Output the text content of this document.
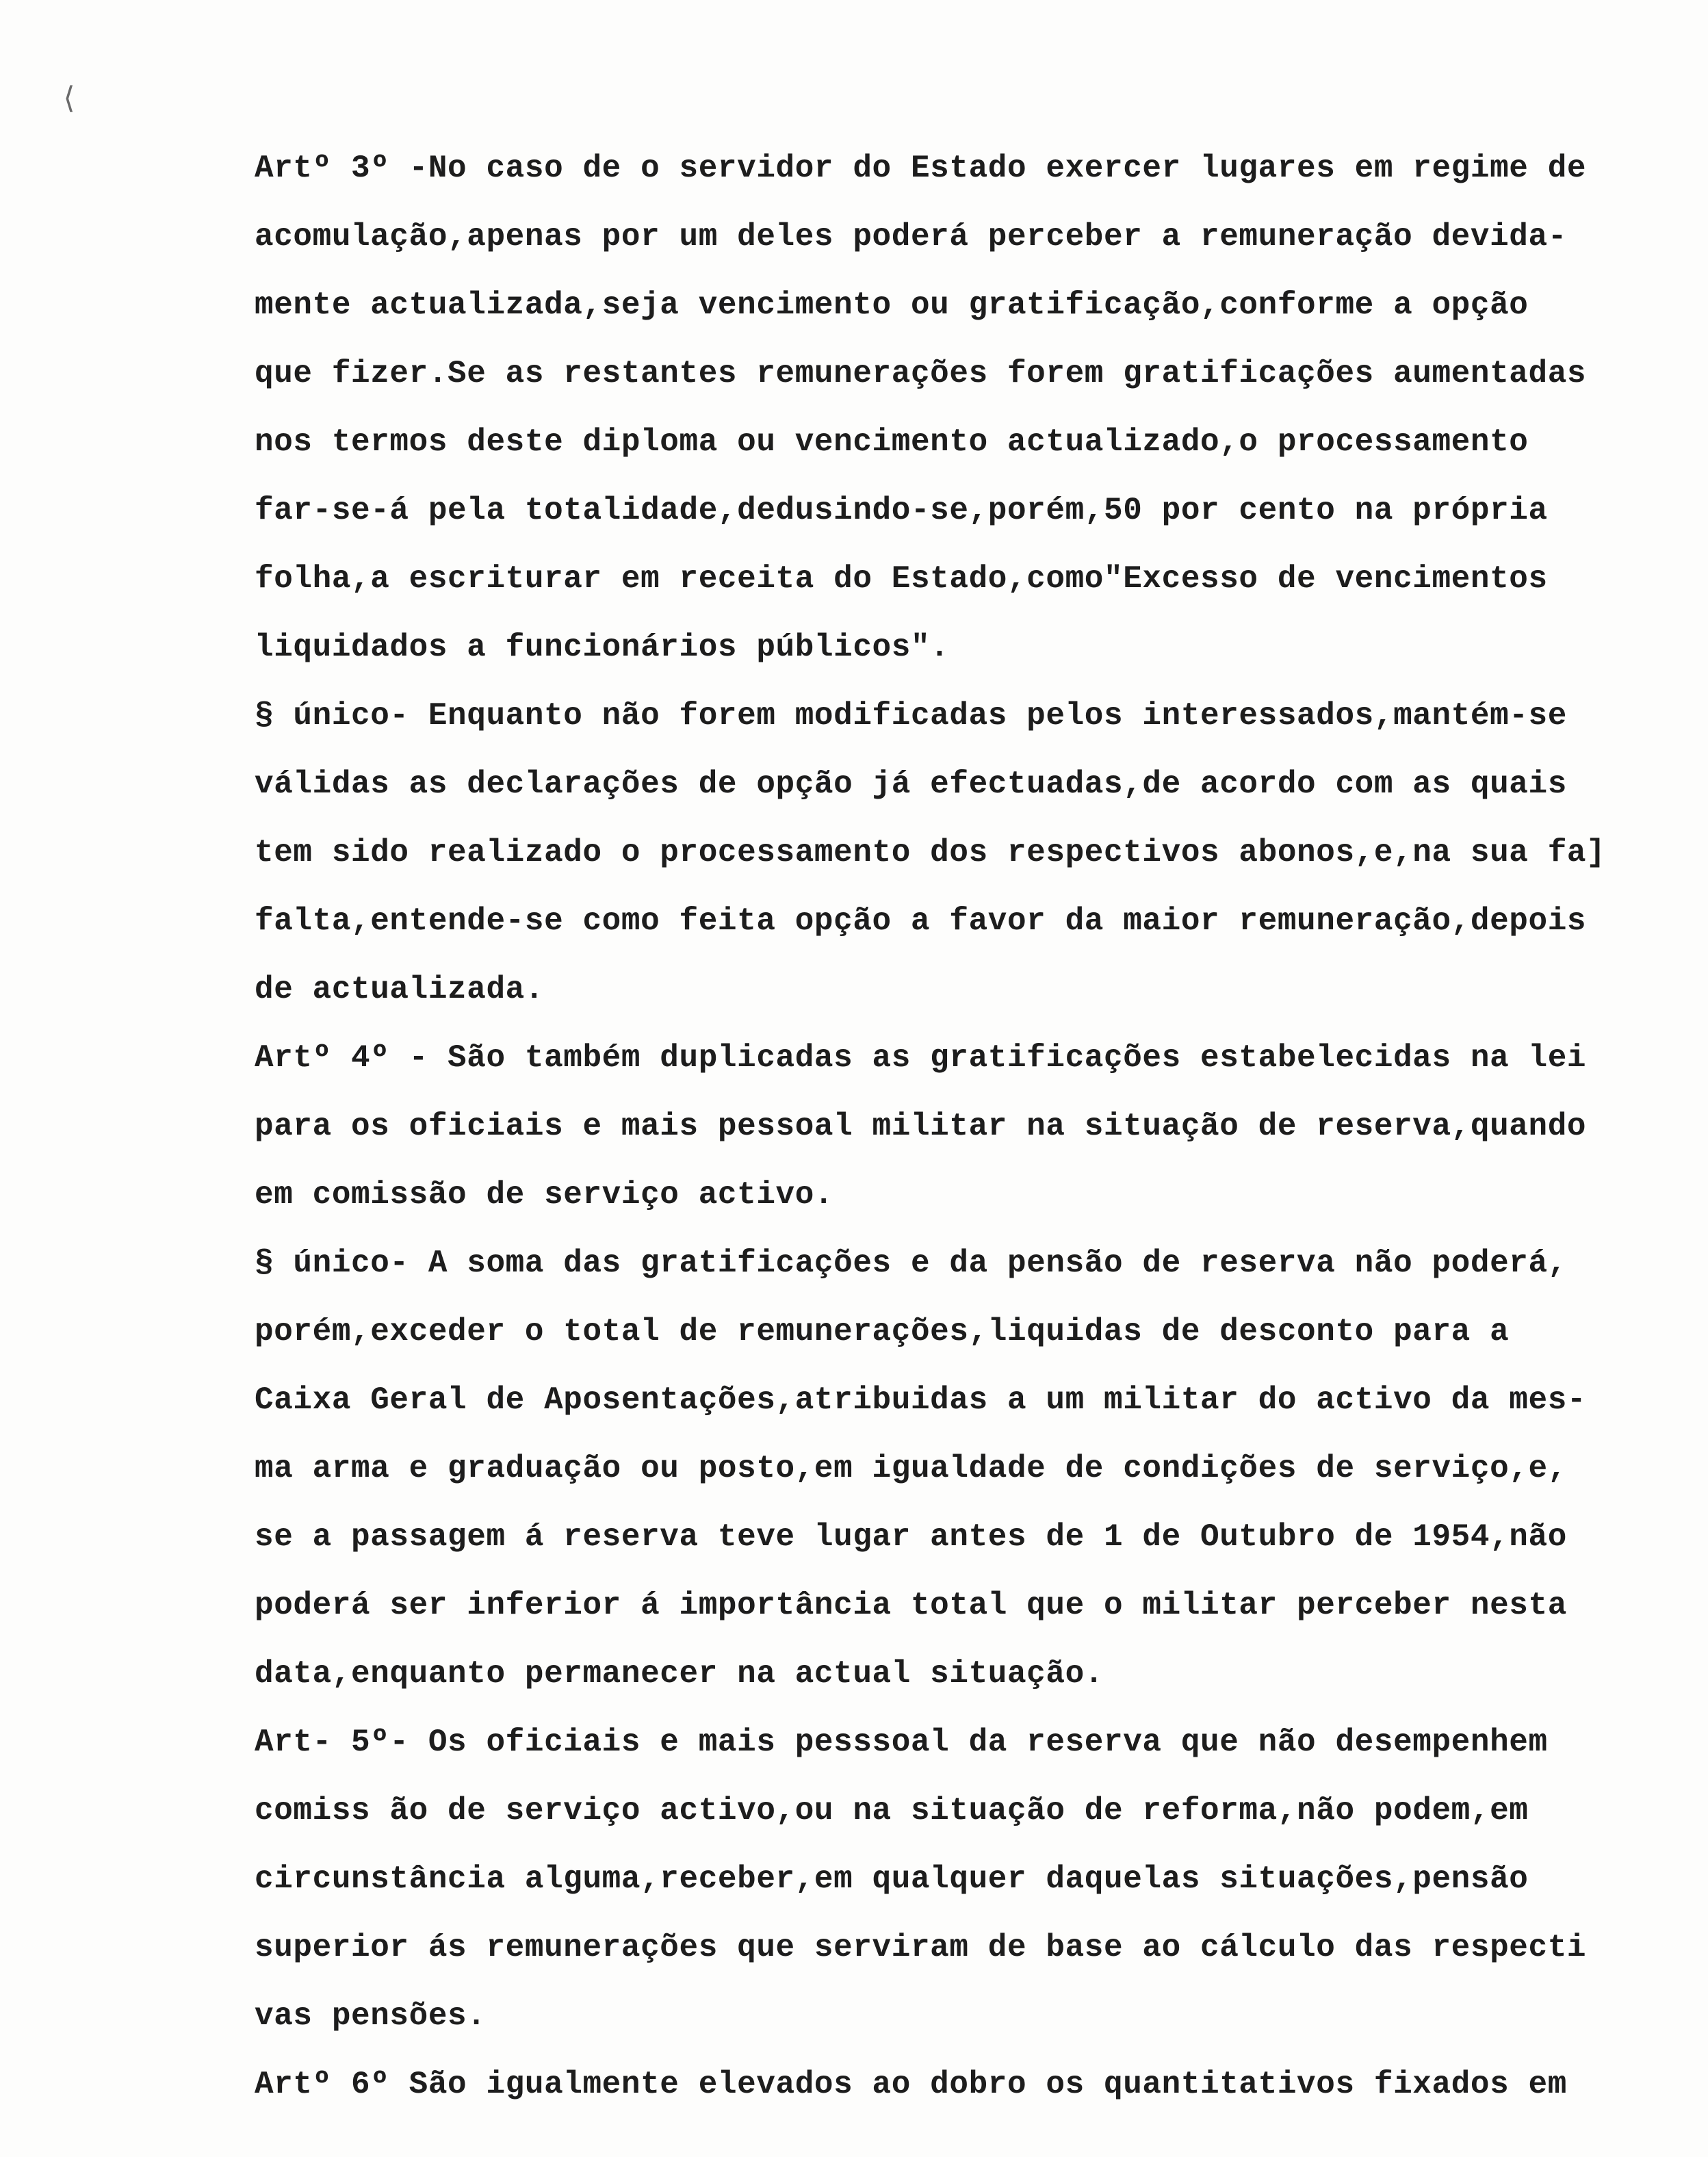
⟨
Artº 3º -No caso de o servidor do Estado exercer lugares em regime de
acomulação,apenas por um deles poderá perceber a remuneração devida-
mente actualizada,seja vencimento ou gratificação,conforme a opção
que fizer.Se as restantes remunerações forem gratificações aumentadas
nos termos deste diploma ou vencimento actualizado,o processamento
far-se-á pela totalidade,dedusindo-se,porém,50 por cento na própria
folha,a escriturar em receita do Estado,como"Excesso de vencimentos
liquidados a funcionários públicos".
§ único- Enquanto não forem modificadas pelos interessados,mantém-se
válidas as declarações de opção já efectuadas,de acordo com as quais
tem sido realizado o processamento dos respectivos abonos,e,na sua fa]
falta,entende-se como feita opção a favor da maior remuneração,depois
de actualizada.
Artº 4º - São também duplicadas as gratificações estabelecidas na lei
para os oficiais e mais pessoal militar na situação de reserva,quando
em comissão de serviço activo.
§ único- A soma das gratificações e da pensão de reserva não poderá,
porém,exceder o total de remunerações,liquidas de desconto para a
Caixa Geral de Aposentações,atribuidas a um militar do activo da mes-
ma arma e graduação ou posto,em igualdade de condições de serviço,e,
se a passagem á reserva teve lugar antes de 1 de Outubro de 1954,não
poderá ser inferior á importância total que o militar perceber nesta
data,enquanto permanecer na actual situação.
Art- 5º- Os oficiais e mais pesssoal da reserva que não desempenhem
comiss ão de serviço activo,ou na situação de reforma,não podem,em
circunstância alguma,receber,em qualquer daquelas situações,pensão
superior ás remunerações que serviram de base ao cálculo das respecti
vas pensões.
Artº 6º São igualmente elevados ao dobro os quantitativos fixados em
